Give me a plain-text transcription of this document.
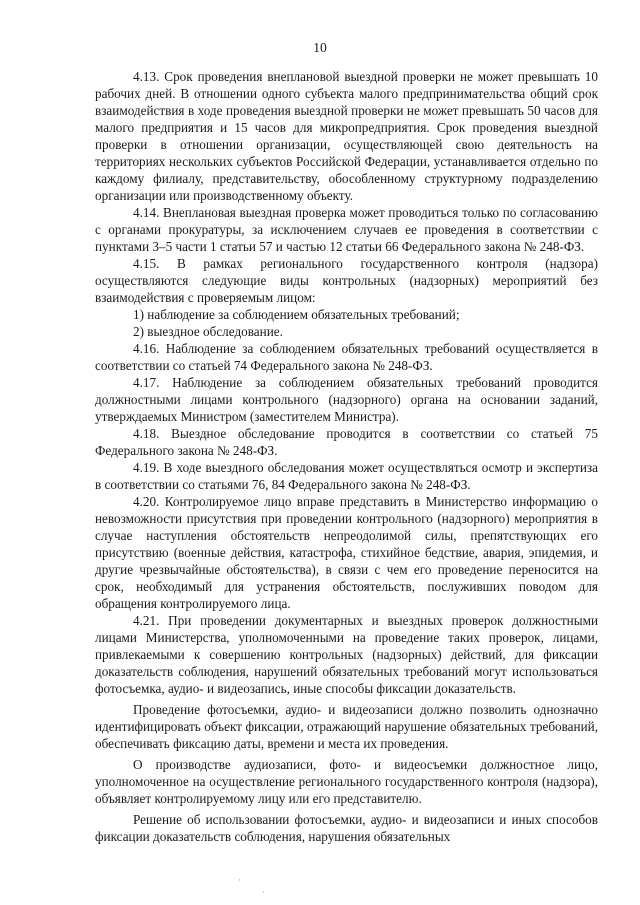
10

4.13. Срок проведения внеплановой выездной проверки не может превышать 10 рабочих дней. В отношении одного субъекта малого предпринимательства общий срок взаимодействия в ходе проведения выездной проверки не может превышать 50 часов для малого предприятия и 15 часов для микропредприятия. Срок проведения выездной проверки в отношении организации, осуществляющей свою деятельность на территориях нескольких субъектов Российской Федерации, устанавливается отдельно по каждому филиалу, представительству, обособленному структурному подразделению организации или производственному объекту.

4.14. Внеплановая выездная проверка может проводиться только по согласованию с органами прокуратуры, за исключением случаев ее проведения в соответствии с пунктами 3–5 части 1 статьи 57 и частью 12 статьи 66 Федерального закона № 248-ФЗ.

4.15. В рамках регионального государственного контроля (надзора) осуществляются следующие виды контрольных (надзорных) мероприятий без взаимодействия с проверяемым лицом:

1) наблюдение за соблюдением обязательных требований;

2) выездное обследование.

4.16. Наблюдение за соблюдением обязательных требований осуществляется в соответствии со статьей 74 Федерального закона № 248-ФЗ.

4.17. Наблюдение за соблюдением обязательных требований проводится должностными лицами контрольного (надзорного) органа на основании заданий, утверждаемых Министром (заместителем Министра).

4.18. Выездное обследование проводится в соответствии со статьей 75 Федерального закона № 248-ФЗ.

4.19. В ходе выездного обследования может осуществляться осмотр и экспертиза в соответствии со статьями 76, 84 Федерального закона № 248-ФЗ.

4.20. Контролируемое лицо вправе представить в Министерство информацию о невозможности присутствия при проведении контрольного (надзорного) мероприятия в случае наступления обстоятельств непреодолимой силы, препятствующих его присутствию (военные действия, катастрофа, стихийное бедствие, авария, эпидемия, и другие чрезвычайные обстоятельства), в связи с чем его проведение переносится на срок, необходимый для устранения обстоятельств, послуживших поводом для обращения контролируемого лица.

4.21. При проведении документарных и выездных проверок должностными лицами Министерства, уполномоченными на проведение таких проверок, лицами, привлекаемыми к совершению контрольных (надзорных) действий, для фиксации доказательств соблюдения, нарушений обязательных требований могут использоваться фотосъемка, аудио- и видеозапись, иные способы фиксации доказательств.

Проведение фотосъемки, аудио- и видеозаписи должно позволить однозначно идентифицировать объект фиксации, отражающий нарушение обязательных требований, обеспечивать фиксацию даты, времени и места их проведения.

О производстве аудиозаписи, фото- и видеосъемки должностное лицо, уполномоченное на осуществление регионального государственного контроля (надзора), объявляет контролируемому лицу или его представителю.

Решение об использовании фотосъемки, аудио- и видеозаписи и иных способов фиксации доказательств соблюдения, нарушения обязательных

·
·
